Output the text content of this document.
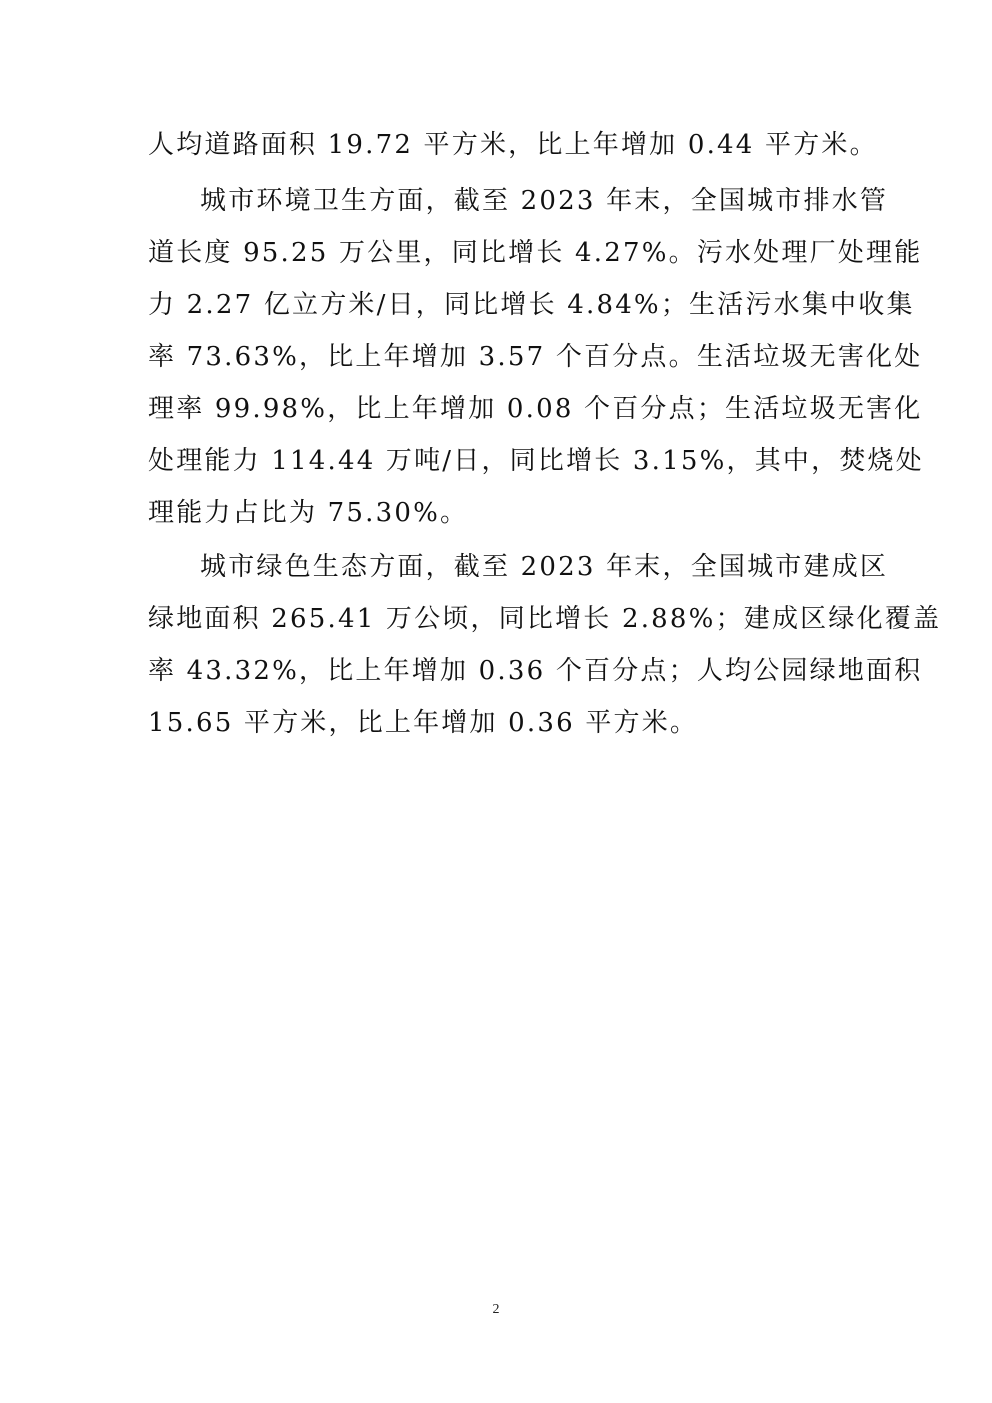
人均道路面积 19.72 平方米，比上年增加 0.44 平方米。
城市环境卫生方面，截至 2023 年末，全国城市排水管
道长度 95.25 万公里，同比增长 4.27%。污水处理厂处理能
力 2.27 亿立方米/日，同比增长 4.84%；生活污水集中收集
率 73.63%，比上年增加 3.57 个百分点。生活垃圾无害化处
理率 99.98%，比上年增加 0.08 个百分点；生活垃圾无害化
处理能力 114.44 万吨/日，同比增长 3.15%，其中，焚烧处
理能力占比为 75.30%。
城市绿色生态方面，截至 2023 年末，全国城市建成区
绿地面积 265.41 万公顷，同比增长 2.88%；建成区绿化覆盖
率 43.32%，比上年增加 0.36 个百分点；人均公园绿地面积
15.65 平方米，比上年增加 0.36 平方米。
2
